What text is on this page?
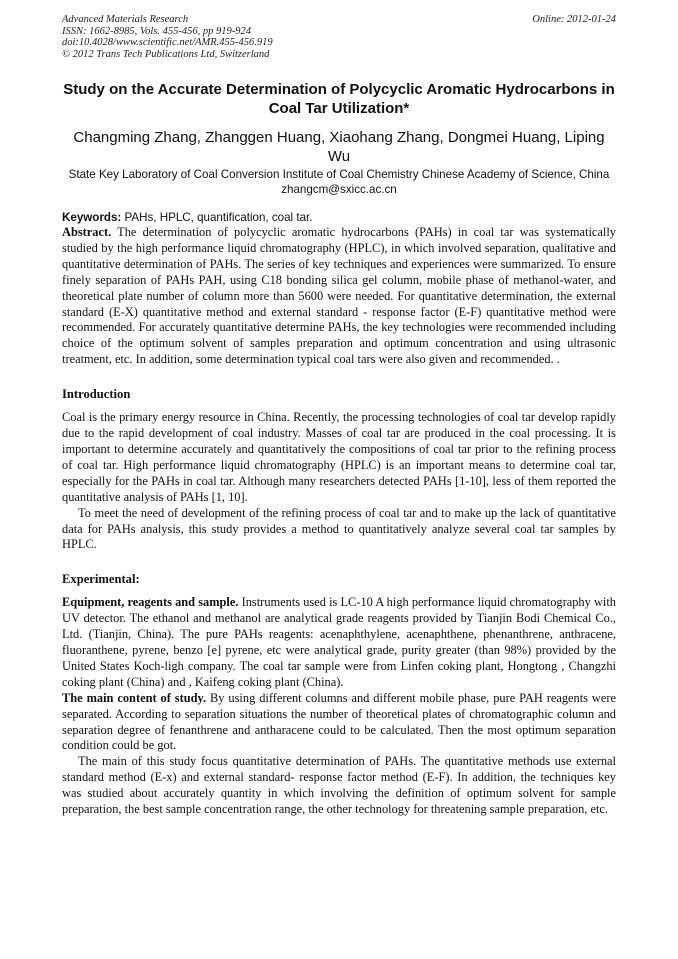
Advanced Materials Research
ISSN: 1662-8985, Vols. 455-456, pp 919-924
doi:10.4028/www.scientific.net/AMR.455-456.919
© 2012 Trans Tech Publications Ltd, Switzerland
Online: 2012-01-24
Study on the Accurate Determination of Polycyclic Aromatic Hydrocarbons in Coal Tar Utilization*
Changming Zhang, Zhanggen Huang, Xiaohang Zhang, Dongmei Huang, Liping Wu
State Key Laboratory of Coal Conversion Institute of Coal Chemistry Chinese Academy of Science, China
zhangcm@sxicc.ac.cn
Keywords: PAHs, HPLC, quantification, coal tar.

Abstract. The determination of polycyclic aromatic hydrocarbons (PAHs) in coal tar was systematically studied by the high performance liquid chromatography (HPLC), in which involved separation, qualitative and quantitative determination of PAHs. The series of key techniques and experiences were summarized. To ensure finely separation of PAHs PAH, using C18 bonding silica gel column, mobile phase of methanol-water, and theoretical plate number of column more than 5600 were needed. For quantitative determination, the external standard (E-X) quantitative method and external standard - response factor (E-F) quantitative method were recommended. For accurately quantitative determine PAHs, the key technologies were recommended including choice of the optimum solvent of samples preparation and optimum concentration and using ultrasonic treatment, etc. In addition, some determination typical coal tars were also given and recommended. .

Introduction

Coal is the primary energy resource in China. Recently, the processing technologies of coal tar develop rapidly due to the rapid development of coal industry. Masses of coal tar are produced in the coal processing. It is important to determine accurately and quantitatively the compositions of coal tar prior to the refining process of coal tar. High performance liquid chromatography (HPLC) is an important means to determine coal tar, especially for the PAHs in coal tar. Although many researchers detected PAHs [1-10], less of them reported the quantitative analysis of PAHs [1, 10].

To meet the need of development of the refining process of coal tar and to make up the lack of quantitative data for PAHs analysis, this study provides a method to quantitatively analyze several coal tar samples by HPLC.

Experimental:

Equipment, reagents and sample. Instruments used is LC-10 A high performance liquid chromatography with UV detector. The ethanol and methanol are analytical grade reagents provided by Tianjin Bodi Chemical Co., Ltd. (Tianjin, China). The pure PAHs reagents: acenaphthylene, acenaphthene, phenanthrene, anthracene, fluoranthene, pyrene, benzo [e] pyrene, etc were analytical grade, purity greater (than 98%) provided by the United States Koch-ligh company. The coal tar sample were from Linfen coking plant, Hongtong , Changzhi coking plant (China) and , Kaifeng coking plant (China).

The main content of study. By using different columns and different mobile phase, pure PAH reagents were separated. According to separation situations the number of theoretical plates of chromatographic column and separation degree of fenanthrene and antharacene could to be calculated. Then the most optimum separation condition could be got.

The main of this study focus quantitative determination of PAHs. The quantitative methods use external standard method (E-x) and external standard- response factor method (E-F). In addition, the techniques key was studied about accurately quantity in which involving the definition of optimum solvent for sample preparation, the best sample concentration range, the other technology for threatening sample preparation, etc.
